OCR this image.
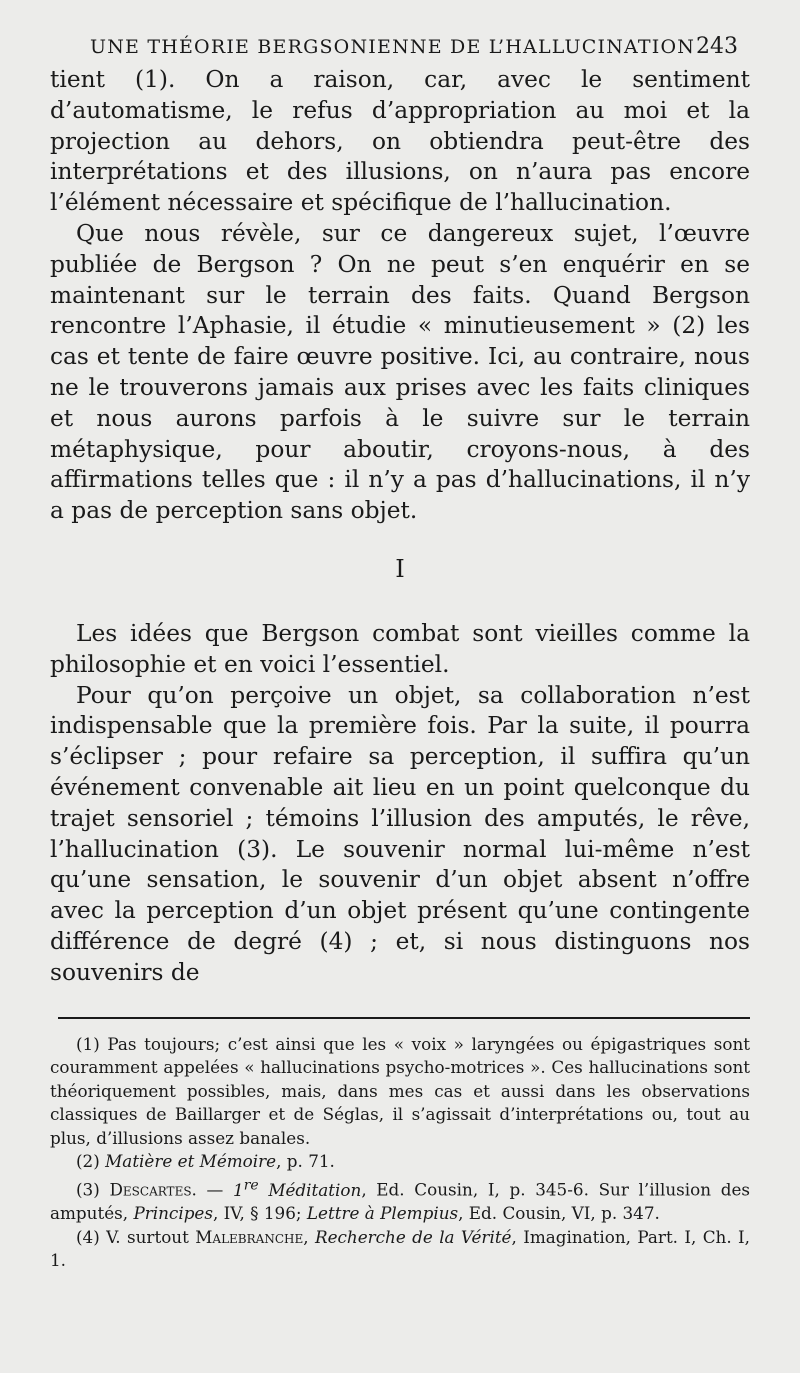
UNE THÉORIE BERGSONIENNE DE L’HALLUCINATION 243

tient (1). On a raison, car, avec le sentiment d’automatisme, le refus d’appropriation au moi et la projection au dehors, on obtiendra peut-être des interprétations et des illusions, on n’aura pas encore l’élément nécessaire et spécifique de l’hallucination.

Que nous révèle, sur ce dangereux sujet, l’œuvre publiée de Bergson ? On ne peut s’en enquérir en se maintenant sur le terrain des faits. Quand Bergson rencontre l’Aphasie, il étudie « minutieusement » (2) les cas et tente de faire œuvre positive. Ici, au contraire, nous ne le trouverons jamais aux prises avec les faits cliniques et nous aurons parfois à le suivre sur le terrain métaphysique, pour aboutir, croyons-nous, à des affirmations telles que : il n’y a pas d’hallucinations, il n’y a pas de perception sans objet.

I

Les idées que Bergson combat sont vieilles comme la philosophie et en voici l’essentiel.

Pour qu’on perçoive un objet, sa collaboration n’est indispensable que la première fois. Par la suite, il pourra s’éclipser ; pour refaire sa perception, il suffira qu’un événement convenable ait lieu en un point quelconque du trajet sensoriel ; témoins l’illusion des amputés, le rêve, l’hallucination (3). Le souvenir normal lui-même n’est qu’une sensation, le souvenir d’un objet absent n’offre avec la perception d’un objet présent qu’une contingente différence de degré (4) ; et, si nous distinguons nos souvenirs de

(1) Pas toujours; c’est ainsi que les « voix » laryngées ou épigastriques sont couramment appelées « hallucinations psycho-motrices ». Ces hallucinations sont théoriquement possibles, mais, dans mes cas et aussi dans les observations classiques de Baillarger et de Séglas, il s’agissait d’interprétations ou, tout au plus, d’illusions assez banales.

(2) Matière et Mémoire, p. 71.

(3) Descartes. — 1re Méditation, Ed. Cousin, I, p. 345-6. Sur l’illusion des amputés, Principes, IV, § 196; Lettre à Plempius, Ed. Cousin, VI, p. 347.

(4) V. surtout Malebranche, Recherche de la Vérité, Imagination, Part. I, Ch. I, 1.
